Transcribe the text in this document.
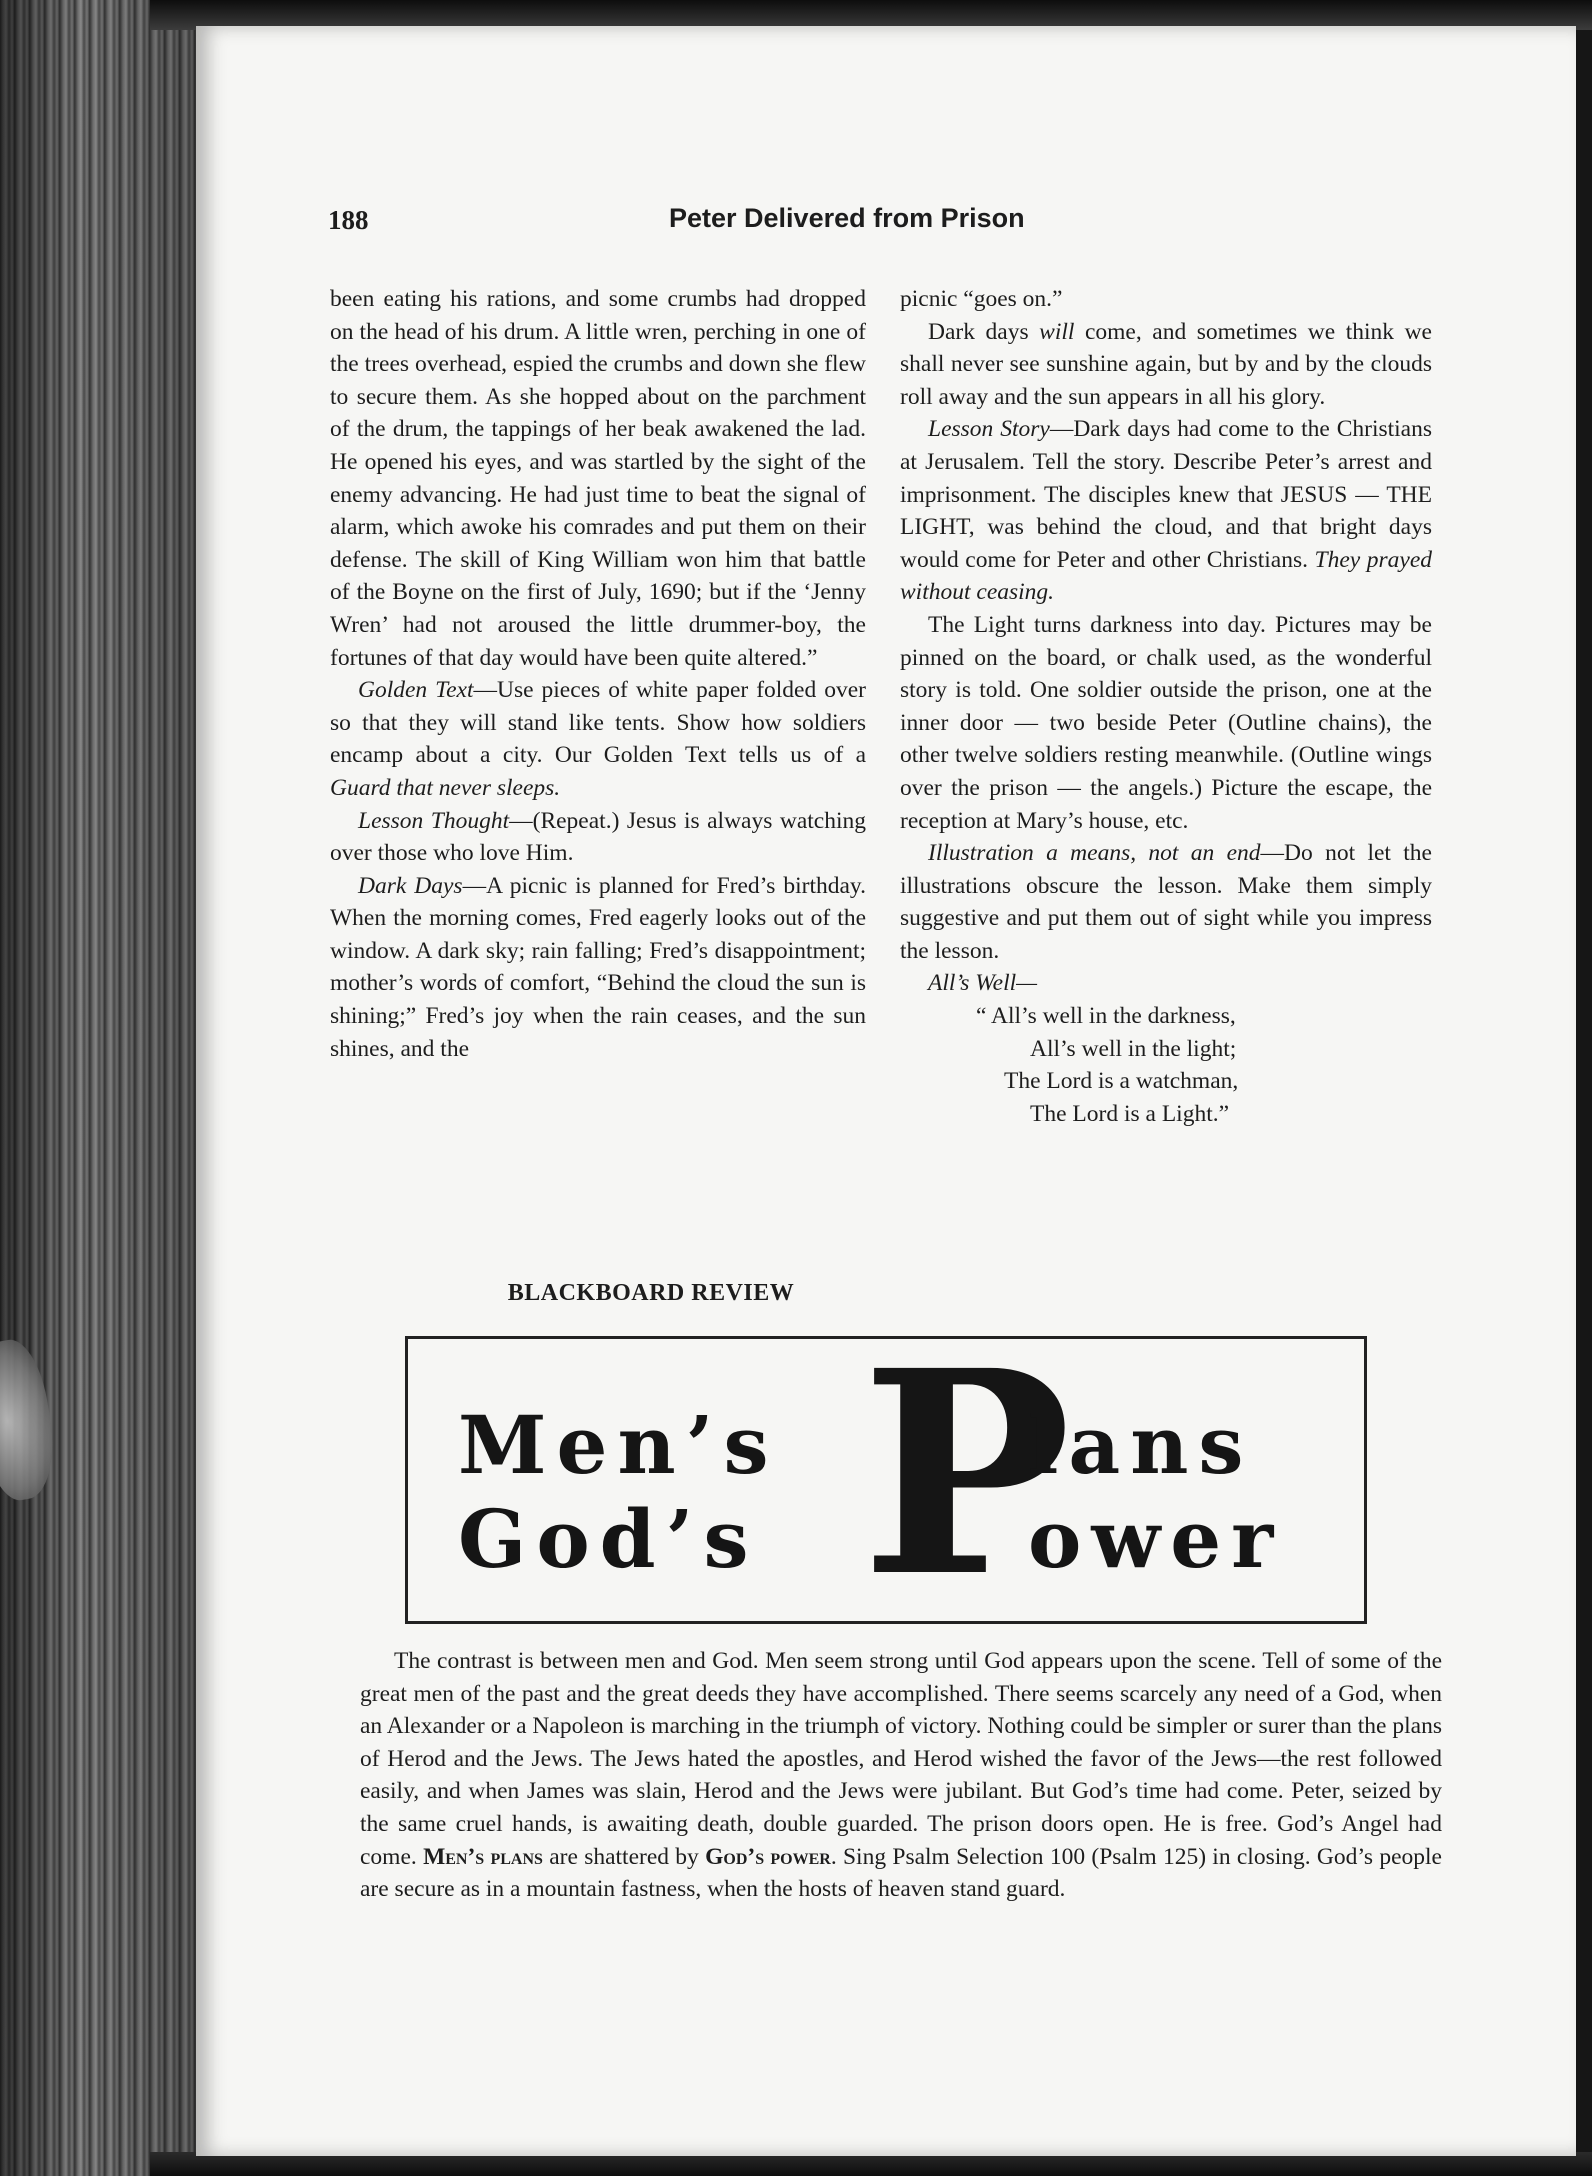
188	Peter Delivered from Prison

been eating his rations, and some crumbs had dropped on the head of his drum. A little wren, perching in one of the trees overhead, espied the crumbs and down she flew to secure them. As she hopped about on the parchment of the drum, the tappings of her beak awakened the lad. He opened his eyes, and was startled by the sight of the enemy advancing. He had just time to beat the signal of alarm, which awoke his comrades and put them on their defense. The skill of King William won him that battle of the Boyne on the first of July, 1690; but if the ‘Jenny Wren’ had not aroused the little drummer-boy, the fortunes of that day would have been quite altered.”

Golden Text—Use pieces of white paper folded over so that they will stand like tents. Show how soldiers encamp about a city. Our Golden Text tells us of a Guard that never sleeps.

Lesson Thought—(Repeat.) Jesus is always watching over those who love Him.

Dark Days—A picnic is planned for Fred’s birthday. When the morning comes, Fred eagerly looks out of the window. A dark sky; rain falling; Fred’s disappointment; mother’s words of comfort, “Behind the cloud the sun is shining;” Fred’s joy when the rain ceases, and the sun shines, and the

picnic “goes on.”

Dark days will come, and sometimes we think we shall never see sunshine again, but by and by the clouds roll away and the sun appears in all his glory.

Lesson Story—Dark days had come to the Christians at Jerusalem. Tell the story. Describe Peter’s arrest and imprisonment. The disciples knew that JESUS — THE LIGHT, was behind the cloud, and that bright days would come for Peter and other Christians. They prayed without ceasing.

The Light turns darkness into day. Pictures may be pinned on the board, or chalk used, as the wonderful story is told. One soldier outside the prison, one at the inner door — two beside Peter (Outline chains), the other twelve soldiers resting meanwhile. (Outline wings over the prison — the angels.) Picture the escape, the reception at Mary’s house, etc.

Illustration a means, not an end—Do not let the illustrations obscure the lesson. Make them simply suggestive and put them out of sight while you impress the lesson.

All’s Well—

“ All’s well in the darkness,
All’s well in the light;
The Lord is a watchman,
The Lord is a Light.”
BLACKBOARD REVIEW
Men’s
God’s P
lans
ower

The contrast is between men and God. Men seem strong until God appears upon the scene. Tell of some of the great men of the past and the great deeds they have accomplished. There seems scarcely any need of a God, when an Alexander or a Napoleon is marching in the triumph of victory. Nothing could be simpler or surer than the plans of Herod and the Jews. The Jews hated the apostles, and Herod wished the favor of the Jews—the rest followed easily, and when James was slain, Herod and the Jews were jubilant. But God’s time had come. Peter, seized by the same cruel hands, is awaiting death, double guarded. The prison doors open. He is free. God’s Angel had come. Men’s plans are shattered by God’s power. Sing Psalm Selection 100 (Psalm 125) in closing. God’s people are secure as in a mountain fastness, when the hosts of heaven stand guard.
